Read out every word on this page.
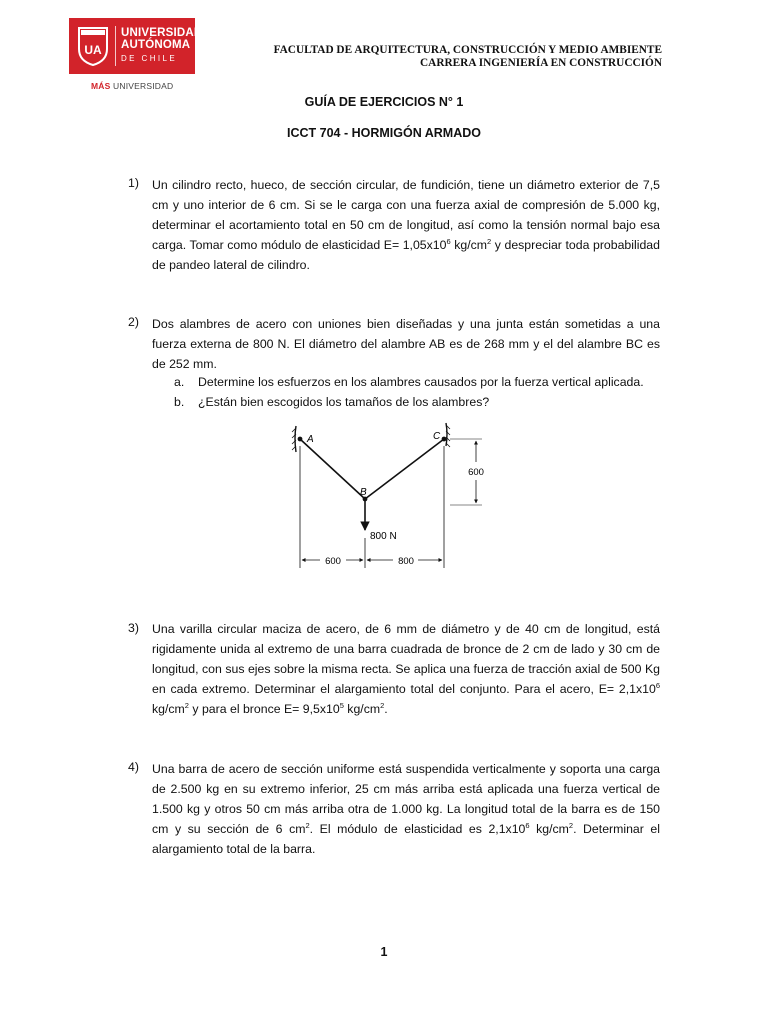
UA
UNIVERSIDAD
AUTÓNOMA
DE CHILE
MÁS UNIVERSIDAD
FACULTAD DE ARQUITECTURA, CONSTRUCCIÓN Y MEDIO AMBIENTE
CARRERA INGENIERÍA EN CONSTRUCCIÓN
GUÍA DE EJERCICIOS N° 1
ICCT 704 - HORMIGÓN ARMADO
1) Un cilindro recto, hueco, de sección circular, de fundición, tiene un diámetro exterior de 7,5 cm y uno interior de 6 cm. Si se le carga con una fuerza axial de compresión de 5.000 kg, determinar el acortamiento total en 50 cm de longitud, así como la tensión normal bajo esa carga. Tomar como módulo de elasticidad $E= 1,05x10^6$ $kg/cm^2$ y despreciar toda probabilidad de pandeo lateral de cilindro.
2) Dos alambres de acero con uniones bien diseñadas y una junta están sometidas a una fuerza externa de 800 N. El diámetro del alambre AB es de 268 mm y el del alambre BC es de 252 mm.
a. Determine los esfuerzos en los alambres causados por la fuerza vertical aplicada.
b. ¿Están bien escogidos los tamaños de los alambres?
A
B
C
800 N
600
600	800
3) Una varilla circular maciza de acero, de 6 mm de diámetro y de 40 cm de longitud, está rigidamente unida al extremo de una barra cuadrada de bronce de 2 cm de lado y 30 cm de longitud, con sus ejes sobre la misma recta. Se aplica una fuerza de tracción axial de 500 Kg en cada extremo. Determinar el alargamiento total del conjunto. Para el acero, $E= 2,1x10^6$ $kg/cm^2$ y para el bronce $E= 9,5x10^5$ $kg/cm^2$.
4) Una barra de acero de sección uniforme está suspendida verticalmente y soporta una carga de 2.500 kg en su extremo inferior, 25 cm más arriba está aplicada una fuerza vertical de 1.500 kg y otros 50 cm más arriba otra de 1.000 kg. La longitud total de la barra es de 150 cm y su sección de 6 $cm^2$. El módulo de elasticidad es $2,1x10^6$ $kg/cm^2$. Determinar el alargamiento total de la barra.
1
